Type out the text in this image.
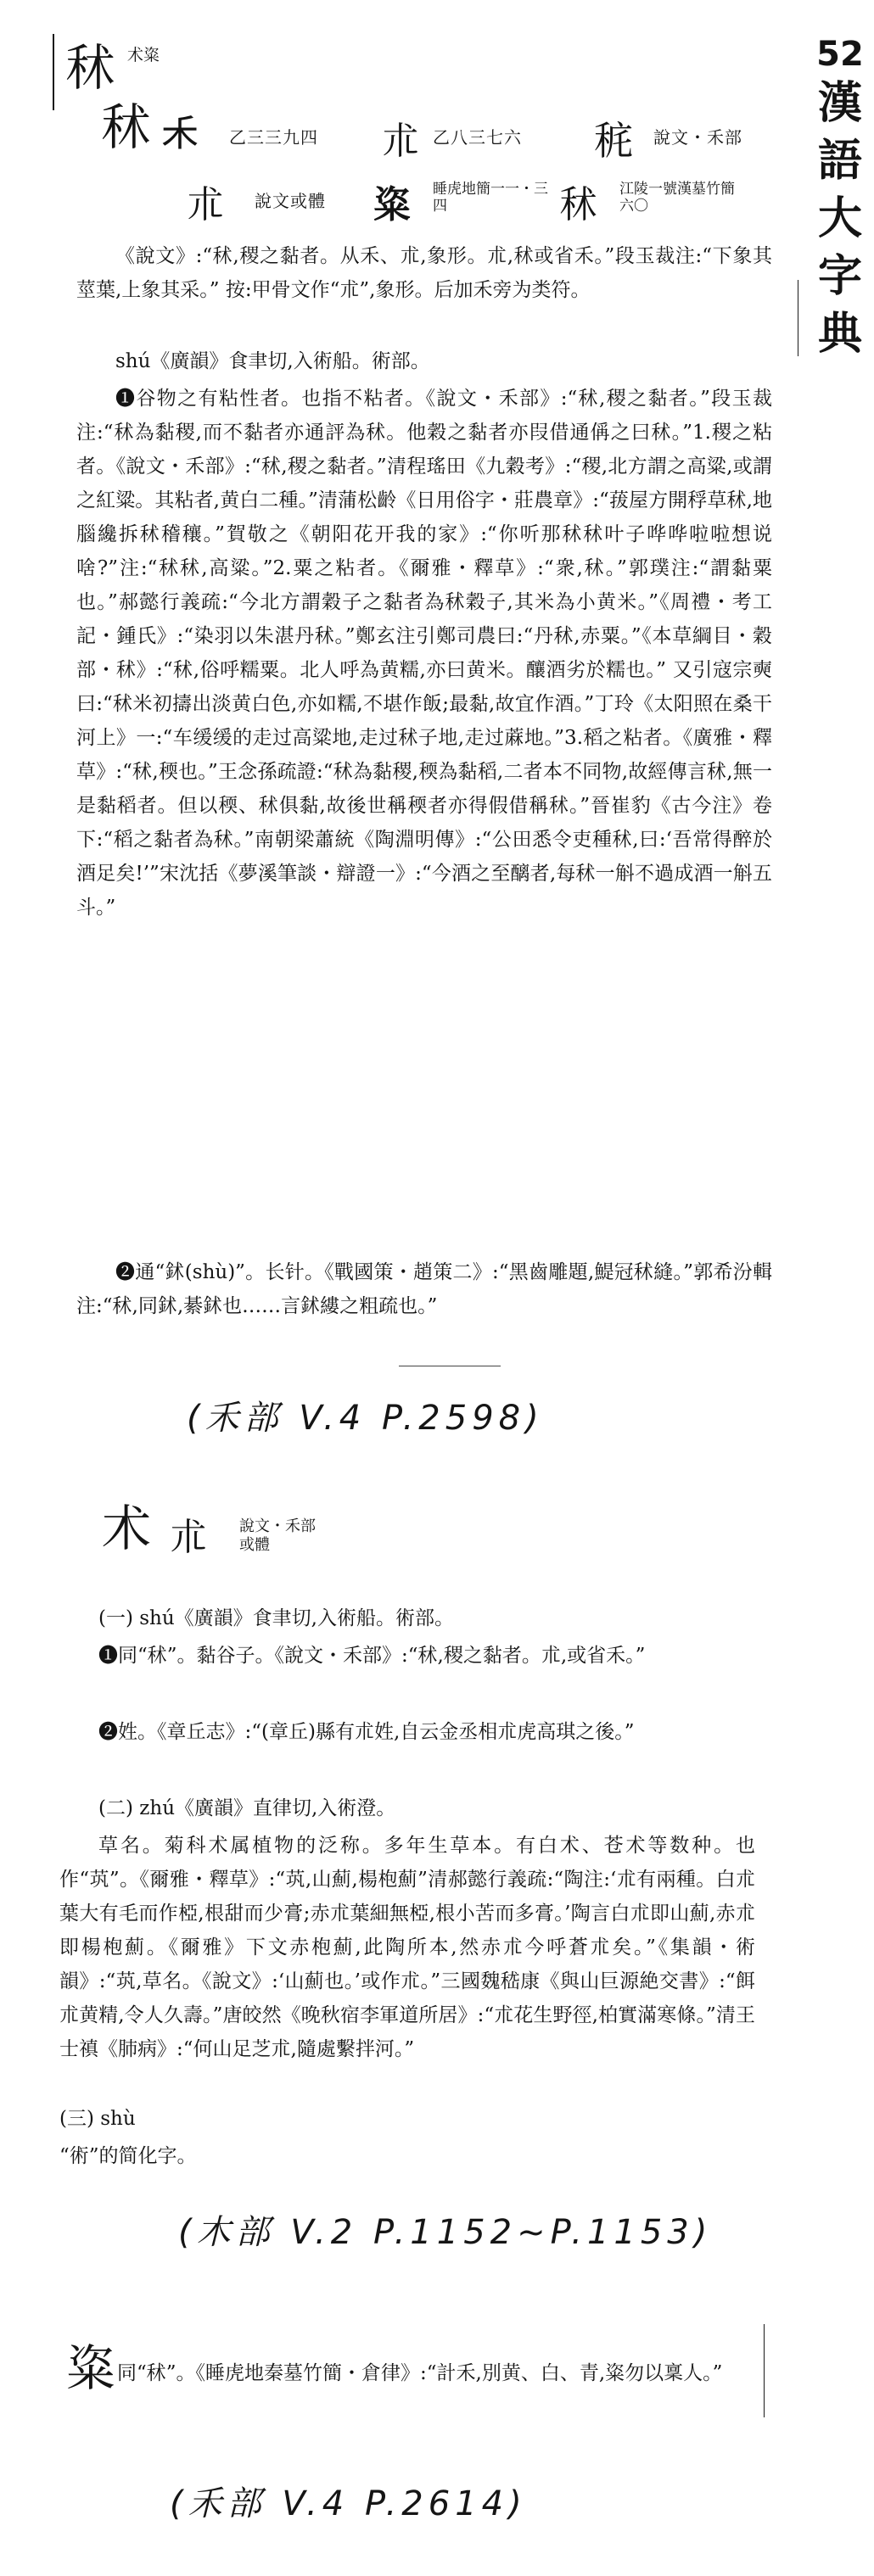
52
漢
語
大
字
典
秫 术粢
秫 𥝌 乙三三九四 朮 乙八三七六 䅊 說文・禾部
朮 說文或體 粢 睡虎地簡一一・三四	秫 江陵一號漢墓竹簡六〇
《說文》:“秫,稷之黏者。从禾、朮,象形。朮,秫或省禾。”段玉裁注:“下象其莖葉,上象其采。” 按:甲骨文作“朮”,象形。后加禾旁为类符。
shú《廣韻》食聿切,入術船。術部。
❶谷物之有粘性者。也指不粘者。《說文・禾部》:“秫,稷之黏者。”段玉裁注:“秫為黏稷,而不黏者亦通評為秫。他穀之黏者亦叚借通偁之曰秫。”1.稷之粘者。《說文・禾部》:“秫,稷之黏者。”清程瑤田《九穀考》:“稷,北方謂之高粱,或謂之紅粱。其粘者,黄白二種。”清蒲松齡《日用俗字・莊農章》:“菝屋方開稃草秫,地腦纔拆秫稽穰。”賀敬之《朝阳花开我的家》:“你听那秫秫叶子哗哗啦啦想说啥?”注:“秫秫,高粱。”2.粟之粘者。《爾雅・釋草》:“衆,秫。”郭璞注:“謂黏粟也。”郝懿行義疏:“今北方謂穀子之黏者為秫穀子,其米為小黄米。”《周禮・考工記・鍾氏》:“染羽以朱湛丹秫。”鄭玄注引鄭司農曰:“丹秫,赤粟。”《本草綱目・穀部・秫》:“秫,俗呼糯粟。北人呼為黄糯,亦曰黄米。釀酒劣於糯也。” 又引寇宗奭曰:“秫米初擣出淡黄白色,亦如糯,不堪作飯;最黏,故宜作酒。”丁玲《太阳照在桑干河上》一:“车缓缓的走过高粱地,走过秫子地,走过蔴地。”3.稻之粘者。《廣雅・釋草》:“秫,稬也。”王念孫疏證:“秫為黏稷,稬為黏稻,二者本不同物,故經傳言秫,無一是黏稻者。但以稬、秫俱黏,故後世稱稬者亦得假借稱秫。”晉崔豹《古今注》卷下:“稻之黏者為秫。”南朝梁蕭統《陶淵明傳》:“公田悉令吏種秫,曰:‘吾常得醉於酒足矣!’”宋沈括《夢溪筆談・辯證一》:“今酒之至醨者,每秫一斛不過成酒一斛五斗。”
❷通“鉥(shù)”。长针。《戰國策・趙策二》:“黑齒雕題,鯷冠秫縫。”郭希汾輯注:“秫,同鉥,綦鉥也……言鉥縷之粗疏也。”
(禾部 V.4 P.2598)
术 朮 說文・禾部
或體
(一) shú《廣韻》食聿切,入術船。術部。
❶同“秫”。黏谷子。《說文・禾部》:“秫,稷之黏者。朮,或省禾。”
❷姓。《章丘志》:“(章丘)縣有朮姓,自云金丞相朮虎高琪之後。”
(二) zhú《廣韻》直律切,入術澄。
草名。菊科术属植物的泛称。多年生草本。有白术、苍术等数种。也作“茿”。《爾雅・釋草》:“茿,山薊,楊枹薊”清郝懿行義疏:“陶注:‘朮有兩種。白朮葉大有毛而作椏,根甜而少膏;赤朮葉細無椏,根小苦而多膏。’陶言白朮即山薊,赤朮即楊枹薊。《爾雅》下文赤枹薊,此陶所本,然赤朮今呼蒼朮矣。”《集韻・術韻》:“茿,草名。《說文》:‘山薊也。’或作朮。”三國魏嵇康《與山巨源絶交書》:“餌朮黄精,令人久壽。”唐皎然《晚秋宿李軍道所居》:“朮花生野徑,柏實滿寒條。”清王士禛《肺病》:“何山足芝朮,隨處繫拌河。”
(三) shù
“術”的简化字。
(木部 V.2 P.1152~P.1153)
粢 同“秫”。《睡虎地秦墓竹簡・倉律》:“計禾,別黄、白、青,粢勿以稟人。”
(禾部 V.4 P.2614)
